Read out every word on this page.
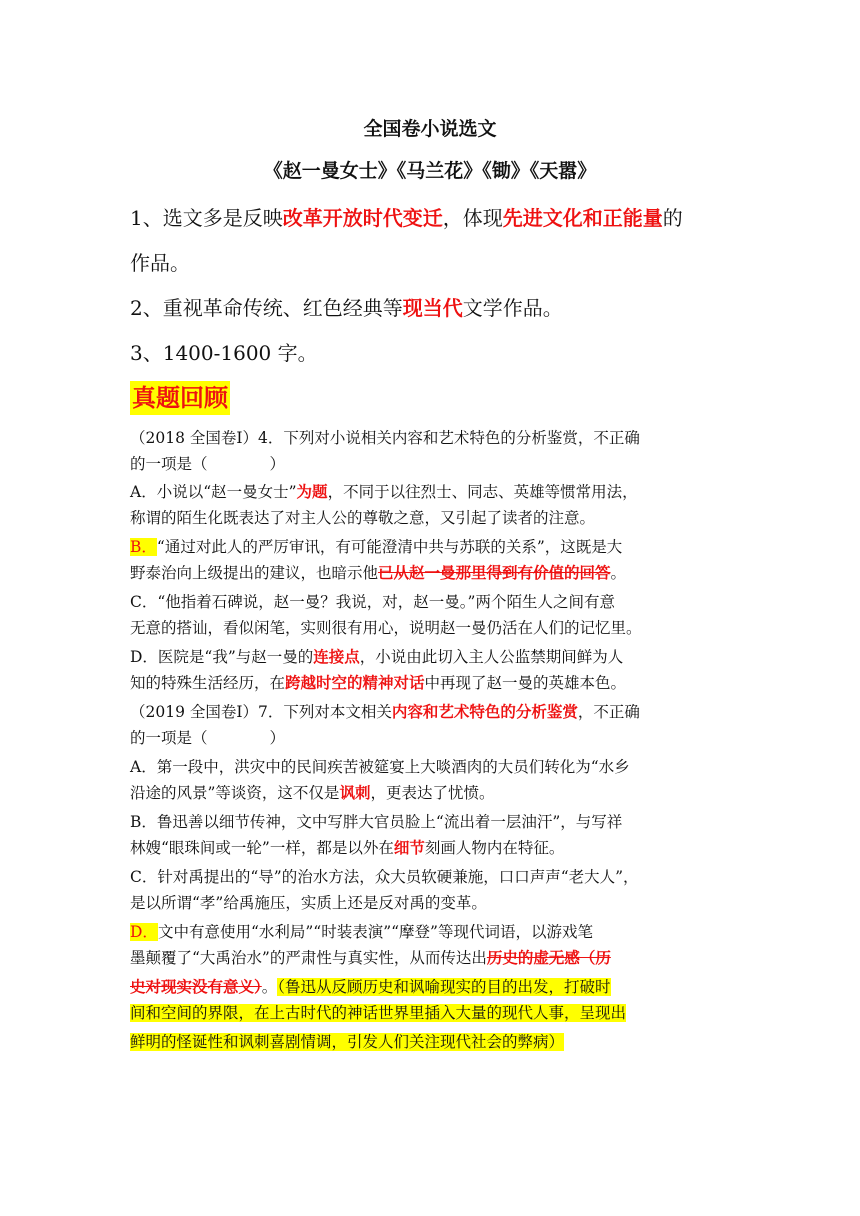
全国卷小说选文
《赵一曼女士》《马兰花》《锄》《天嚣》
1、选文多是反映改革开放时代变迁，体现先进文化和正能量的
作品。
2、重视革命传统、红色经典等现当代文学作品。
3、1400-1600 字。
真题回顾
（2018 全国卷Ⅰ）4．下列对小说相关内容和艺术特色的分析鉴赏，不正确
的一项是（　　　　）
A．小说以“赵一曼女士”为题，不同于以往烈士、同志、英雄等惯常用法，
称谓的陌生化既表达了对主人公的尊敬之意，又引起了读者的注意。
B．“通过对此人的严厉审讯，有可能澄清中共与苏联的关系”，这既是大
野泰治向上级提出的建议，也暗示他已从赵一曼那里得到有价值的回答。
C．“他指着石碑说，赵一曼？我说，对，赵一曼。”两个陌生人之间有意
无意的搭讪，看似闲笔，实则很有用心，说明赵一曼仍活在人们的记忆里。
D．医院是“我”与赵一曼的连接点，小说由此切入主人公监禁期间鲜为人
知的特殊生活经历，在跨越时空的精神对话中再现了赵一曼的英雄本色。
（2019 全国卷Ⅰ）7．下列对本文相关内容和艺术特色的分析鉴赏，不正确
的一项是（　　　　）
A．第一段中，洪灾中的民间疾苦被筵宴上大啖酒肉的大员们转化为“水乡
沿途的风景”等谈资，这不仅是讽刺，更表达了忧愤。
B．鲁迅善以细节传神，文中写胖大官员脸上“流出着一层油汗”，与写祥
林嫂“眼珠间或一轮”一样，都是以外在细节刻画人物内在特征。
C．针对禹提出的“导”的治水方法，众大员软硬兼施，口口声声“老大人”，
是以所谓“孝”给禹施压，实质上还是反对禹的变革。
D．文中有意使用“水利局”“时装表演”“摩登”等现代词语，以游戏笔
墨颠覆了“大禹治水”的严肃性与真实性，从而传达出历史的虚无感（历
史对现实没有意义）。（鲁迅从反顾历史和讽喻现实的目的出发，打破时
间和空间的界限，在上古时代的神话世界里插入大量的现代人事，呈现出
鲜明的怪诞性和讽刺喜剧情调，引发人们关注现代社会的弊病）
